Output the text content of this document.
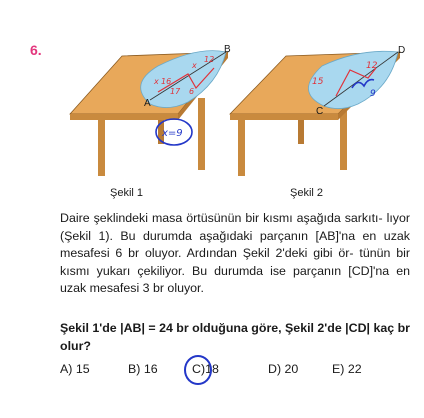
6.
x 16
x
12
6
17
x=9
A
B
15
12
9
C
D
Şekil 1	Şekil 2

Daire şeklindeki masa örtüsünün bir kısmı aşağıda sarkıtı- lıyor (Şekil 1). Bu durumda aşağıdaki parçanın [AB]'na en uzak mesafesi 6 br oluyor. Ardından Şekil 2'deki gibi ör- tünün bir kısmı yukarı çekiliyor. Bu durumda ise parçanın [CD]'na en uzak mesafesi 3 br oluyor.

Şekil 1'de |AB| = 24 br olduğuna göre, Şekil 2'de |CD| kaç br olur?

A) 15	B) 16	C)18	D) 20	E) 22
